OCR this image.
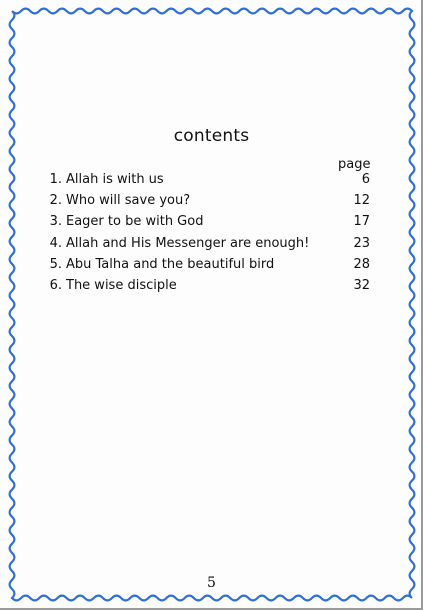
contents
page
1. Allah is with us	6
2. Who will save you?	12
3. Eager to be with God	17
4. Allah and His Messenger are enough!	23
5. Abu Talha and the beautiful bird	28
6. The wise disciple	32
5
